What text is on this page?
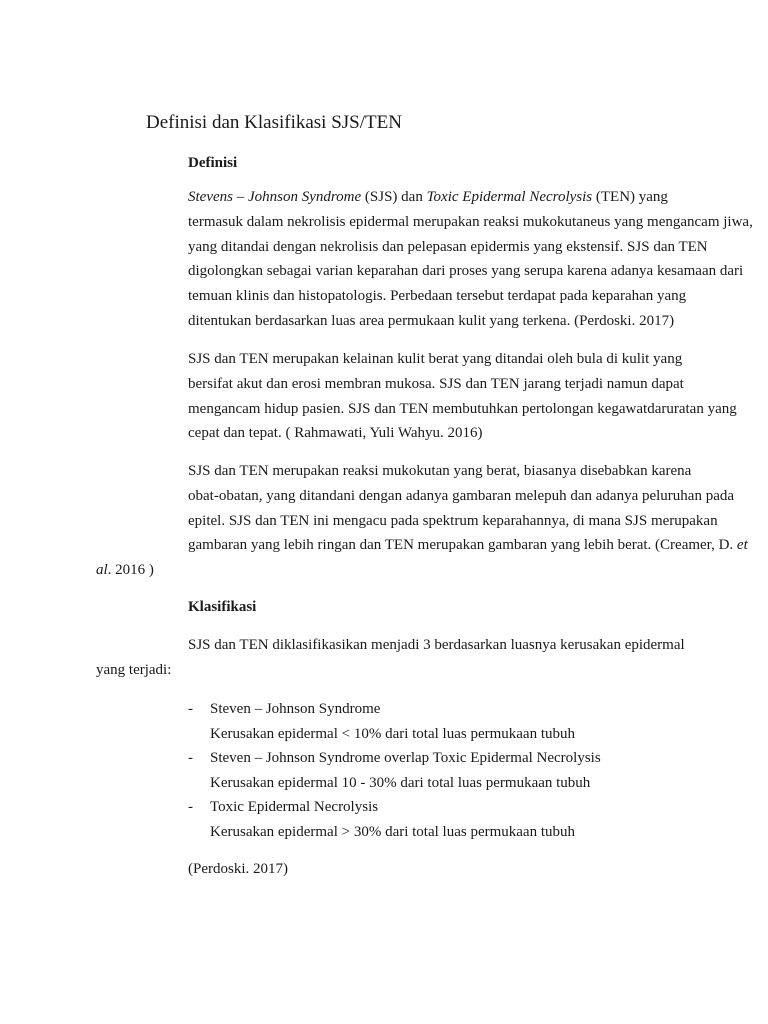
Definisi dan Klasifikasi SJS/TEN
Definisi
Stevens – Johnson Syndrome (SJS) dan Toxic Epidermal Necrolysis (TEN) yang
termasuk dalam nekrolisis epidermal merupakan reaksi mukokutaneus yang mengancam jiwa,
yang ditandai dengan nekrolisis dan pelepasan epidermis yang ekstensif. SJS dan TEN
digolongkan sebagai varian keparahan dari proses yang serupa karena adanya kesamaan dari
temuan klinis dan histopatologis. Perbedaan tersebut terdapat pada keparahan yang
ditentukan berdasarkan luas area permukaan kulit yang terkena. (Perdoski. 2017)
SJS dan TEN merupakan kelainan kulit berat yang ditandai oleh bula di kulit yang
bersifat akut dan erosi membran mukosa. SJS dan TEN jarang terjadi namun dapat
mengancam hidup pasien. SJS dan TEN membutuhkan pertolongan kegawatdaruratan yang
cepat dan tepat. ( Rahmawati, Yuli Wahyu. 2016)
SJS dan TEN merupakan reaksi mukokutan yang berat, biasanya disebabkan karena
obat-obatan, yang ditandani dengan adanya gambaran melepuh dan adanya peluruhan pada
epitel. SJS dan TEN ini mengacu pada spektrum keparahannya, di mana SJS merupakan
gambaran yang lebih ringan dan TEN merupakan gambaran yang lebih berat. (Creamer, D. et
al. 2016 )
Klasifikasi
SJS dan TEN diklasifikasikan menjadi 3 berdasarkan luasnya kerusakan epidermal
yang terjadi:
- Steven – Johnson Syndrome
Kerusakan epidermal < 10% dari total luas permukaan tubuh
- Steven – Johnson Syndrome overlap Toxic Epidermal Necrolysis
Kerusakan epidermal 10 - 30% dari total luas permukaan tubuh
- Toxic Epidermal Necrolysis
Kerusakan epidermal > 30% dari total luas permukaan tubuh
(Perdoski. 2017)
